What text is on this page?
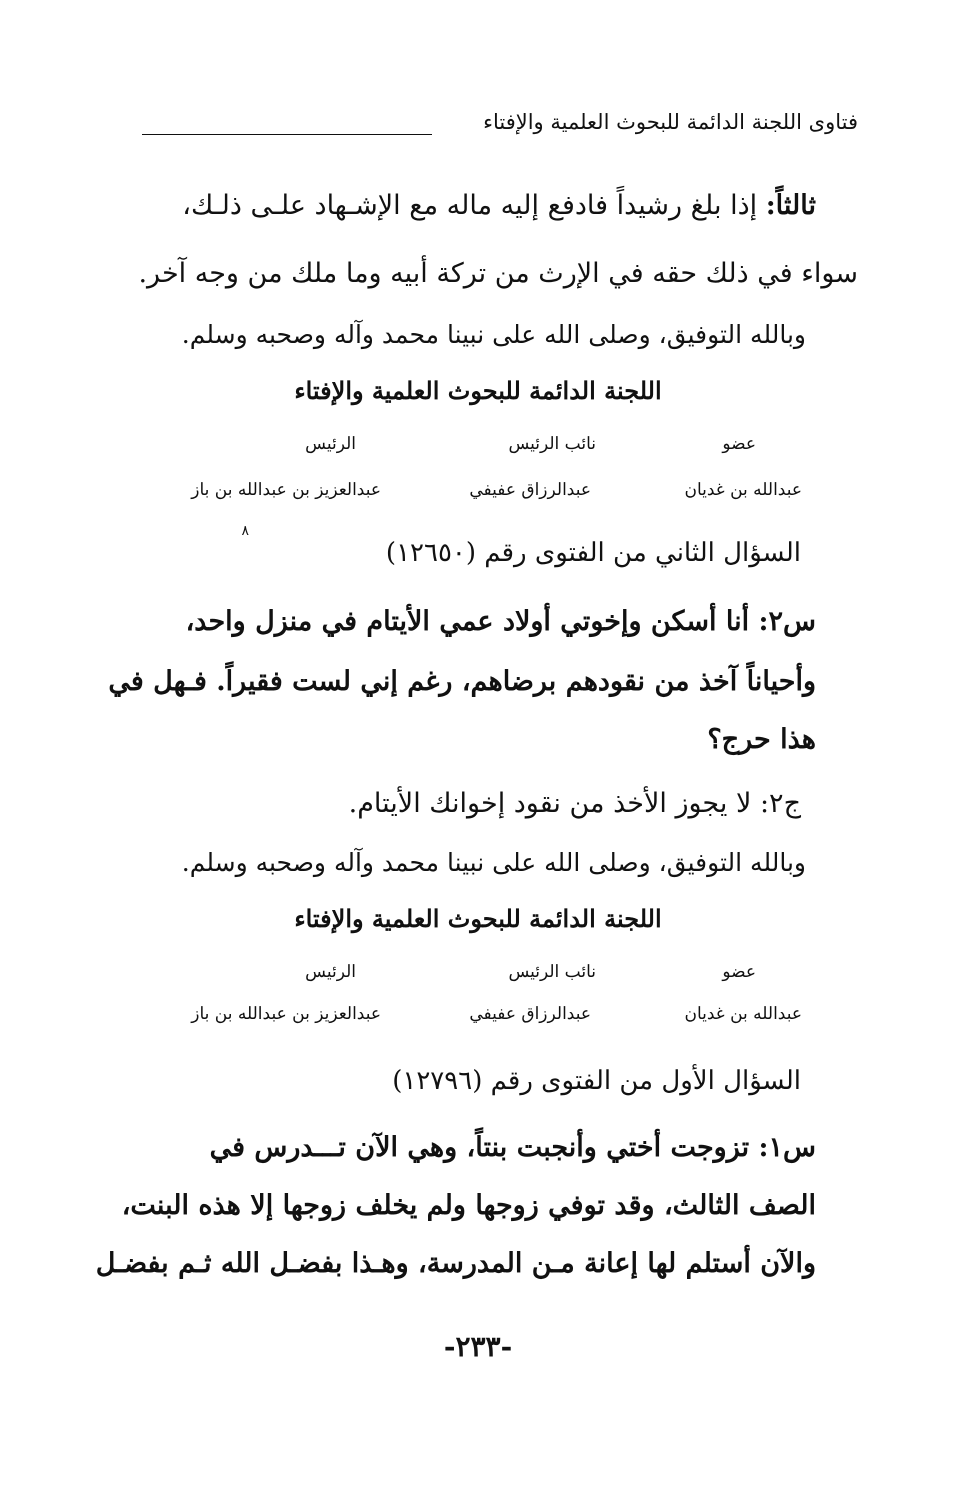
فتاوى اللجنة الدائمة للبحوث العلمية والإفتاء
ثالثاً: إذا بلغ رشيداً فادفع إليه ماله مع الإشـهاد علـى ذلـك،
سواء في ذلك حقه في الإرث من تركة أبيه وما ملك من وجه آخر.
وبالله التوفيق، وصلى الله على نبينا محمد وآله وصحبه وسلم.
اللجنة الدائمة للبحوث العلمية والإفتاء
عضو
نائب الرئيس
الرئيس
عبدالله بن غديان
عبدالرزاق عفيفي
عبدالعزيز بن عبدالله بن باز
٨
السؤال الثاني من الفتوى رقم (١٢٦٥٠)
س٢: أنا أسكن وإخوتي أولاد عمي الأيتام في منزل واحد،
وأحياناً آخذ من نقودهم برضاهم، رغم إني لست فقيراً. فـهل في
هذا حرج؟
ج٢: لا يجوز الأخذ من نقود إخوانك الأيتام.
وبالله التوفيق، وصلى الله على نبينا محمد وآله وصحبه وسلم.
اللجنة الدائمة للبحوث العلمية والإفتاء
عضو
نائب الرئيس
الرئيس
عبدالله بن غديان
عبدالرزاق عفيفي
عبدالعزيز بن عبدالله بن باز
السؤال الأول من الفتوى رقم (١٢٧٩٦)
س١: تزوجت أختي وأنجبت بنتاً، وهي الآن تـــدرس في
الصف الثالث، وقد توفي زوجها ولم يخلف زوجها إلا هذه البنت،
والآن أستلم لها إعانة مـن المدرسة، وهـذا بفضـل الله ثـم بفضـل
-٢٣٣-
